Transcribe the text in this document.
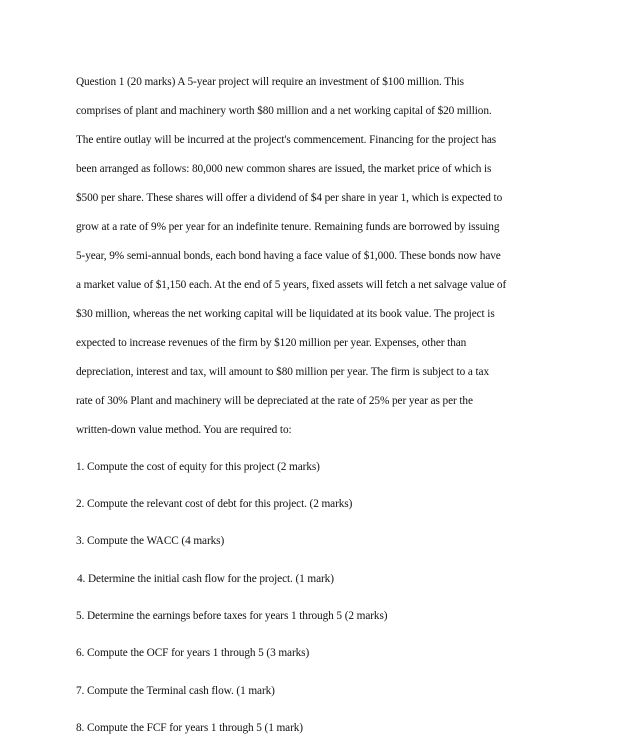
Question 1 (20 marks) A 5-year project will require an investment of $100 million. This
comprises of plant and machinery worth $80 million and a net working capital of $20 million.
The entire outlay will be incurred at the project's commencement. Financing for the project has
been arranged as follows: 80,000 new common shares are issued, the market price of which is
$500 per share. These shares will offer a dividend of $4 per share in year 1, which is expected to
grow at a rate of 9% per year for an indefinite tenure. Remaining funds are borrowed by issuing
5-year, 9% semi-annual bonds, each bond having a face value of $1,000. These bonds now have
a market value of $1,150 each. At the end of 5 years, fixed assets will fetch a net salvage value of
$30 million, whereas the net working capital will be liquidated at its book value. The project is
expected to increase revenues of the firm by $120 million per year. Expenses, other than
depreciation, interest and tax, will amount to $80 million per year. The firm is subject to a tax
rate of 30% Plant and machinery will be depreciated at the rate of 25% per year as per the
written-down value method. You are required to:
1. Compute the cost of equity for this project (2 marks)
2. Compute the relevant cost of debt for this project. (2 marks)
3. Compute the WACC (4 marks)
4. Determine the initial cash flow for the project. (1 mark)
5. Determine the earnings before taxes for years 1 through 5 (2 marks)
6. Compute the OCF for years 1 through 5 (3 marks)
7. Compute the Terminal cash flow. (1 mark)
8. Compute the FCF for years 1 through 5 (1 mark)
